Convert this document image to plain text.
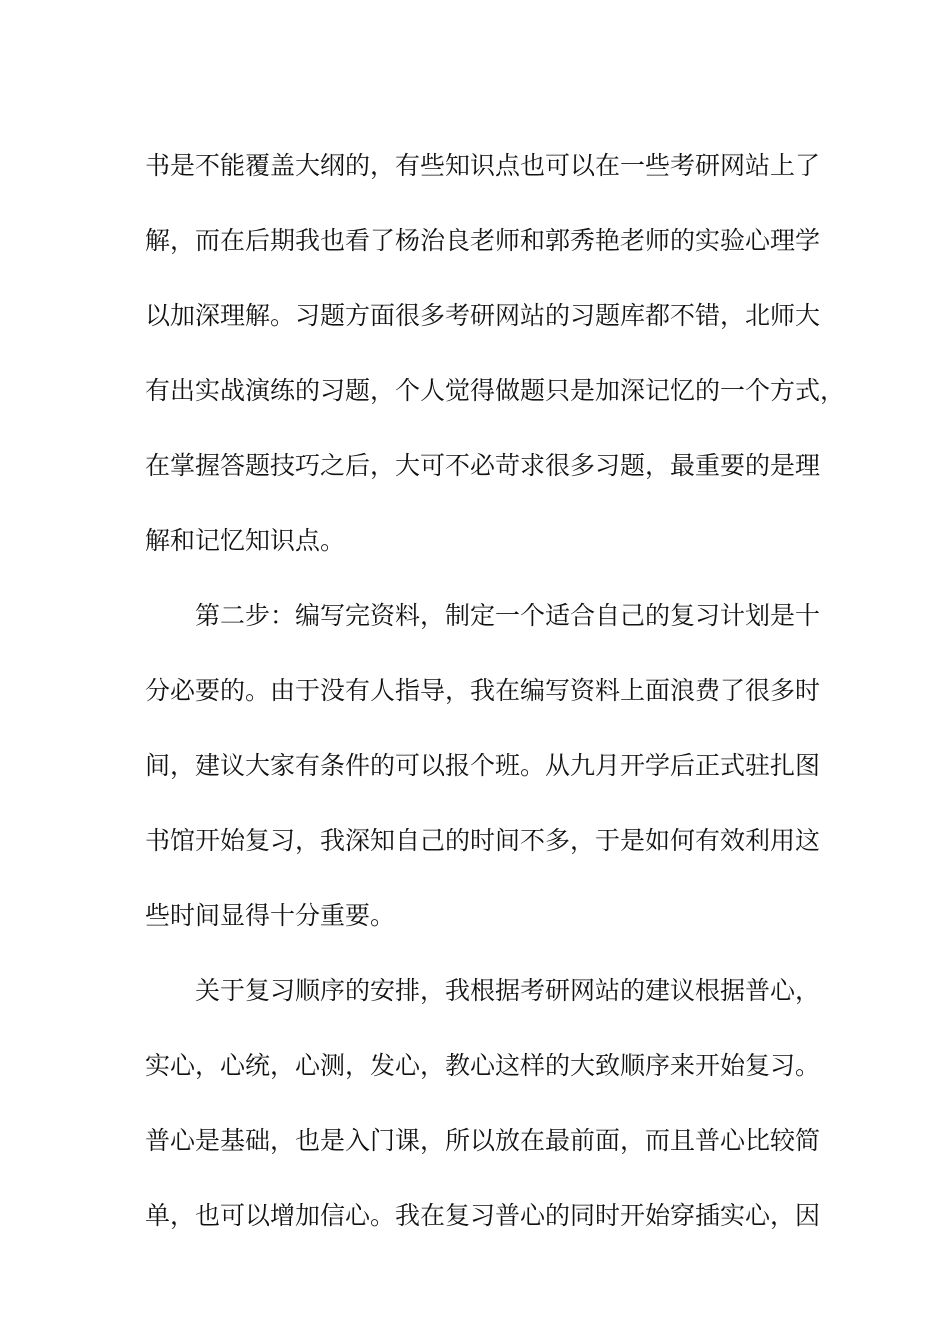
书是不能覆盖大纲的，有些知识点也可以在一些考研网站上了
解，而在后期我也看了杨治良老师和郭秀艳老师的实验心理学
以加深理解。习题方面很多考研网站的习题库都不错，北师大
有出实战演练的习题，个人觉得做题只是加深记忆的一个方式，
在掌握答题技巧之后，大可不必苛求很多习题，最重要的是理
解和记忆知识点。
第二步：编写完资料，制定一个适合自己的复习计划是十
分必要的。由于没有人指导，我在编写资料上面浪费了很多时
间，建议大家有条件的可以报个班。从九月开学后正式驻扎图
书馆开始复习，我深知自己的时间不多，于是如何有效利用这
些时间显得十分重要。
关于复习顺序的安排，我根据考研网站的建议根据普心，
实心，心统，心测，发心，教心这样的大致顺序来开始复习。
普心是基础，也是入门课，所以放在最前面，而且普心比较简
单，也可以增加信心。我在复习普心的同时开始穿插实心，因
